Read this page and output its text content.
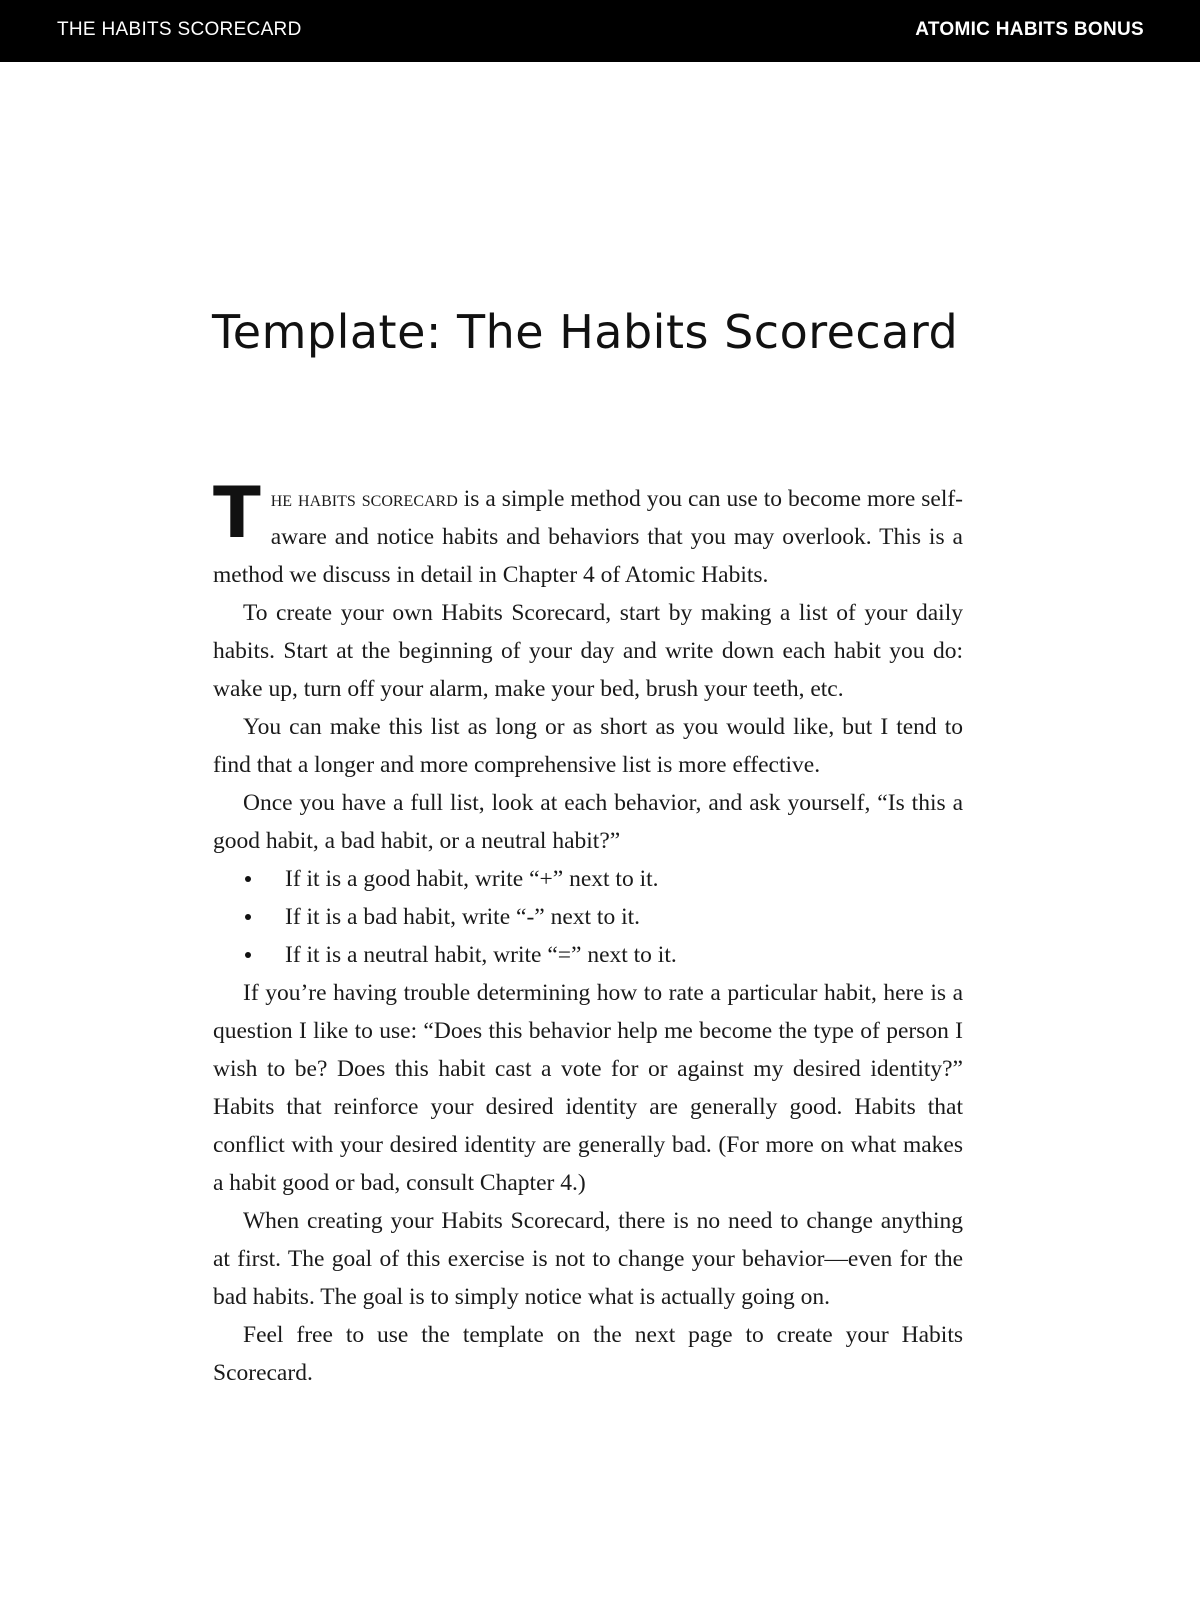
THE HABITS SCORECARD	ATOMIC HABITS BONUS
Template: The Habits Scorecard

The habits scorecard is a simple method you can use to become more self-aware and notice habits and behaviors that you may overlook. This is a method we discuss in detail in Chapter 4 of Atomic Habits.

To create your own Habits Scorecard, start by making a list of your daily habits. Start at the beginning of your day and write down each habit you do: wake up, turn off your alarm, make your bed, brush your teeth, etc.

You can make this list as long or as short as you would like, but I tend to find that a longer and more comprehensive list is more effective.

Once you have a full list, look at each behavior, and ask yourself, “Is this a good habit, a bad habit, or a neutral habit?”

If it is a good habit, write “+” next to it.
If it is a bad habit, write “-” next to it.
If it is a neutral habit, write “=” next to it.

If you’re having trouble determining how to rate a particular habit, here is a question I like to use: “Does this behavior help me become the type of person I wish to be? Does this habit cast a vote for or against my desired identity?” Habits that reinforce your desired identity are generally good. Habits that conflict with your desired identity are generally bad. (For more on what makes a habit good or bad, consult Chapter 4.)

When creating your Habits Scorecard, there is no need to change anything at first. The goal of this exercise is not to change your behavior—even for the bad habits. The goal is to simply notice what is actually going on.

Feel free to use the template on the next page to create your Habits Scorecard.
